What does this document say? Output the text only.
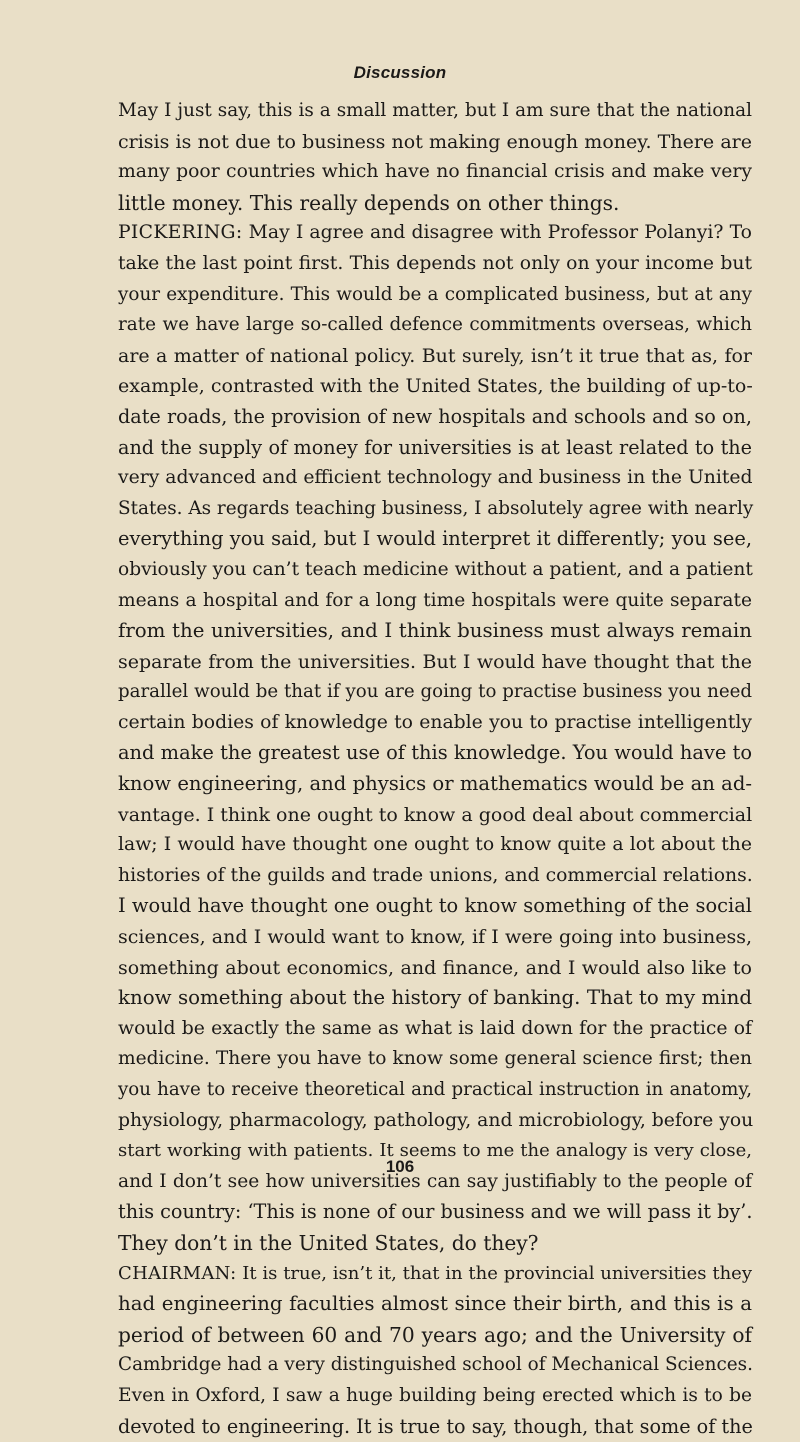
Discussion
May I just say, this is a small matter, but I am sure that the national
crisis is not due to business not making enough money. There are
many poor countries which have no financial crisis and make very
little money. This really depends on other things.
PICKERING: May I agree and disagree with Professor Polanyi? To
take the last point first. This depends not only on your income but
your expenditure. This would be a complicated business, but at any
rate we have large so-called defence commitments overseas, which
are a matter of national policy. But surely, isn’t it true that as, for
example, contrasted with the United States, the building of up-to-
date roads, the provision of new hospitals and schools and so on,
and the supply of money for universities is at least related to the
very advanced and efficient technology and business in the United
States. As regards teaching business, I absolutely agree with nearly
everything you said, but I would interpret it differently; you see,
obviously you can’t teach medicine without a patient, and a patient
means a hospital and for a long time hospitals were quite separate
from the universities, and I think business must always remain
separate from the universities. But I would have thought that the
parallel would be that if you are going to practise business you need
certain bodies of knowledge to enable you to practise intelligently
and make the greatest use of this knowledge. You would have to
know engineering, and physics or mathematics would be an ad-
vantage. I think one ought to know a good deal about commercial
law; I would have thought one ought to know quite a lot about the
histories of the guilds and trade unions, and commercial relations.
I would have thought one ought to know something of the social
sciences, and I would want to know, if I were going into business,
something about economics, and finance, and I would also like to
know something about the history of banking. That to my mind
would be exactly the same as what is laid down for the practice of
medicine. There you have to know some general science first; then
you have to receive theoretical and practical instruction in anatomy,
physiology, pharmacology, pathology, and microbiology, before you
start working with patients. It seems to me the analogy is very close,
and I don’t see how universities can say justifiably to the people of
this country: ‘This is none of our business and we will pass it by’.
They don’t in the United States, do they?
CHAIRMAN: It is true, isn’t it, that in the provincial universities they
had engineering faculties almost since their birth, and this is a
period of between 60 and 70 years ago; and the University of
Cambridge had a very distinguished school of Mechanical Sciences.
Even in Oxford, I saw a huge building being erected which is to be
devoted to engineering. It is true to say, though, that some of the
106
